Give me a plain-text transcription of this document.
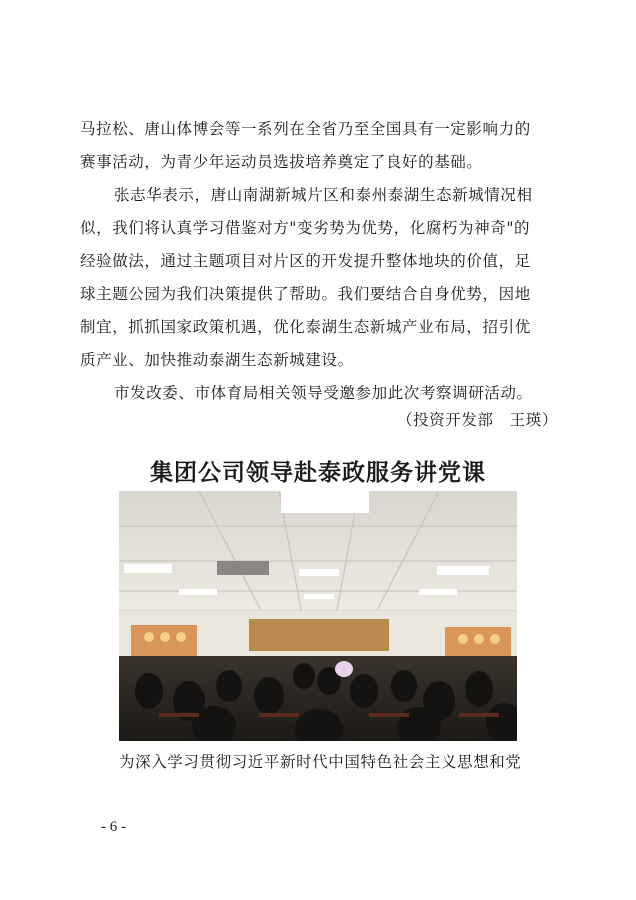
马拉松、唐山体博会等一系列在全省乃至全国具有一定影响力的
赛事活动，为青少年运动员选拔培养奠定了良好的基础。
张志华表示，唐山南湖新城片区和泰州泰湖生态新城情况相
似，我们将认真学习借鉴对方"变劣势为优势，化腐朽为神奇"的
经验做法，通过主题项目对片区的开发提升整体地块的价值，足
球主题公园为我们决策提供了帮助。我们要结合自身优势，因地
制宜，抓抓国家政策机遇，优化泰湖生态新城产业布局，招引优
质产业、加快推动泰湖生态新城建设。
市发改委、市体育局相关领导受邀参加此次考察调研活动。
（投资开发部　王瑛）
集团公司领导赴泰政服务讲党课
为深入学习贯彻习近平新时代中国特色社会主义思想和党
- 6 -
